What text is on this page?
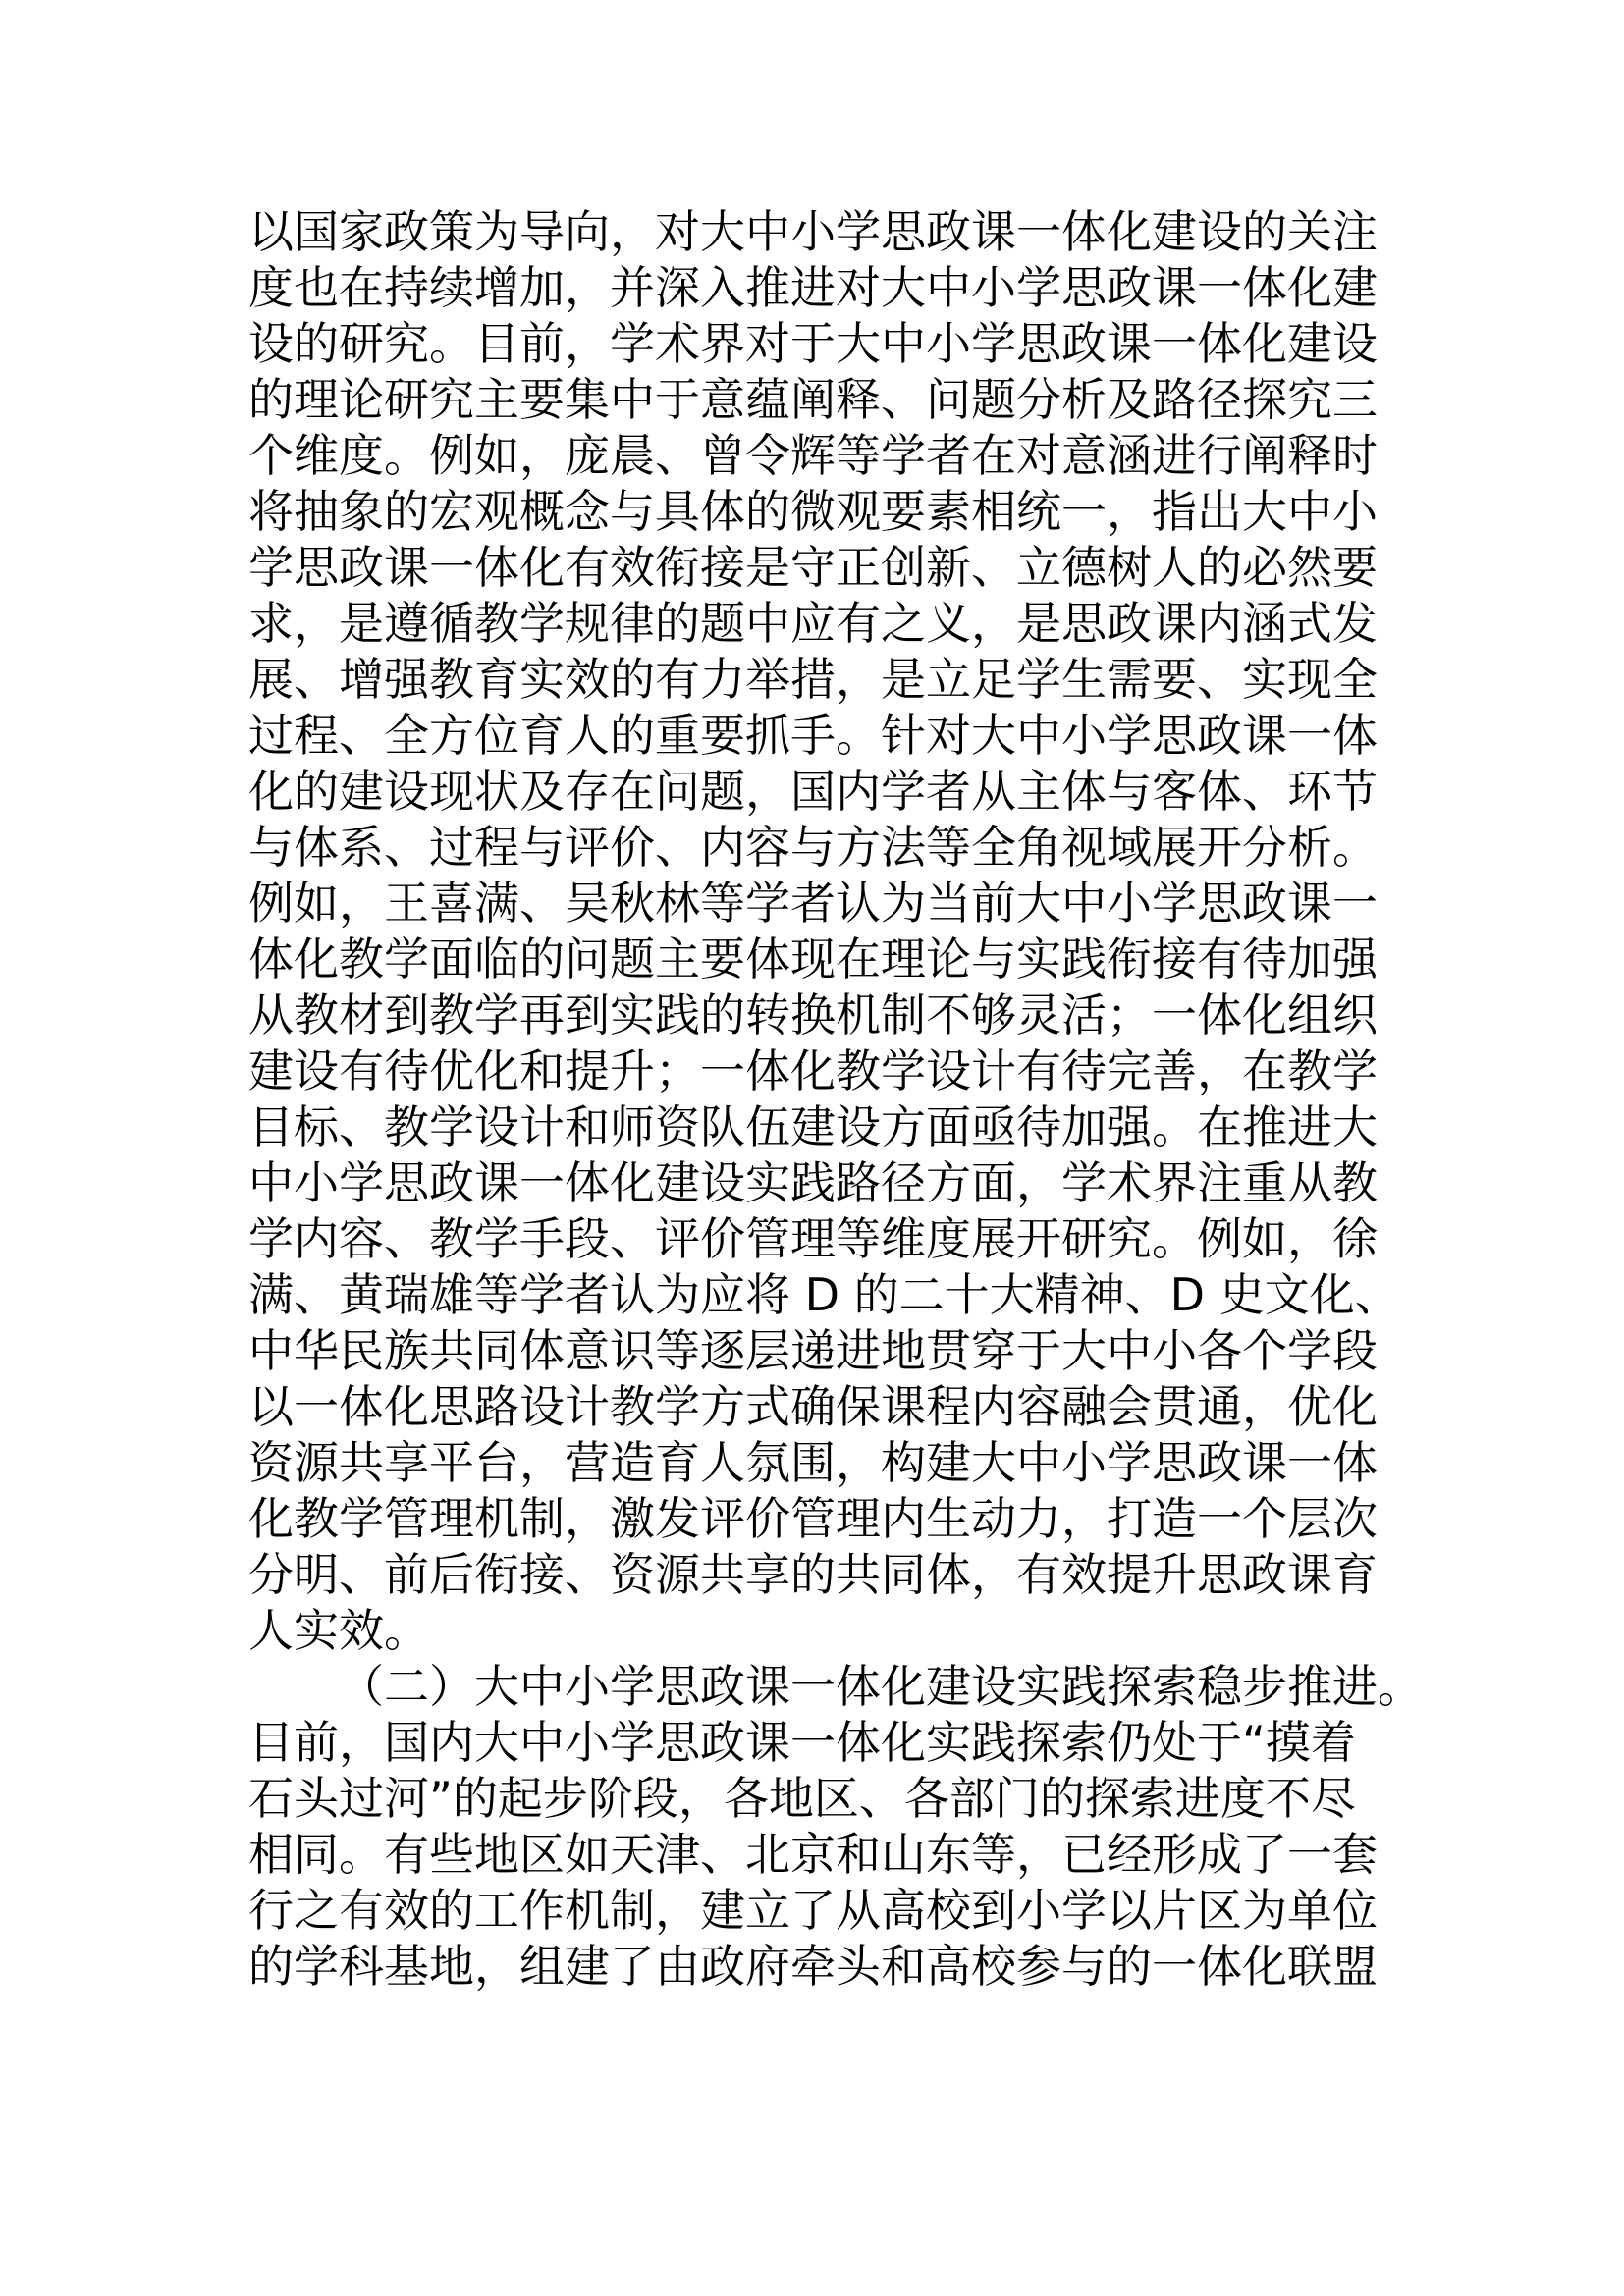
以国家政策为导向，对大中小学思政课一体化建设的关注
度也在持续增加，并深入推进对大中小学思政课一体化建
设的研究。目前，学术界对于大中小学思政课一体化建设
的理论研究主要集中于意蕴阐释、问题分析及路径探究三
个维度。例如，庞晨、曾令辉等学者在对意涵进行阐释时
将抽象的宏观概念与具体的微观要素相统一，指出大中小
学思政课一体化有效衔接是守正创新、立德树人的必然要
求，是遵循教学规律的题中应有之义，是思政课内涵式发
展、增强教育实效的有力举措，是立足学生需要、实现全
过程、全方位育人的重要抓手。针对大中小学思政课一体
化的建设现状及存在问题，国内学者从主体与客体、环节
与体系、过程与评价、内容与方法等全角视域展开分析。
例如，王喜满、吴秋林等学者认为当前大中小学思政课一
体化教学面临的问题主要体现在理论与实践衔接有待加强
从教材到教学再到实践的转换机制不够灵活；一体化组织
建设有待优化和提升；一体化教学设计有待完善，在教学
目标、教学设计和师资队伍建设方面亟待加强。在推进大
中小学思政课一体化建设实践路径方面，学术界注重从教
学内容、教学手段、评价管理等维度展开研究。例如，徐
满、黄瑞雄等学者认为应将 D 的二十大精神、D 史文化、
中华民族共同体意识等逐层递进地贯穿于大中小各个学段
以一体化思路设计教学方式确保课程内容融会贯通，优化
资源共享平台，营造育人氛围，构建大中小学思政课一体
化教学管理机制，激发评价管理内生动力，打造一个层次
分明、前后衔接、资源共享的共同体，有效提升思政课育
人实效。
（二）大中小学思政课一体化建设实践探索稳步推进。
目前，国内大中小学思政课一体化实践探索仍处于“摸着
石头过河”的起步阶段，各地区、各部门的探索进度不尽
相同。有些地区如天津、北京和山东等，已经形成了一套
行之有效的工作机制，建立了从高校到小学以片区为单位
的学科基地，组建了由政府牵头和高校参与的一体化联盟
